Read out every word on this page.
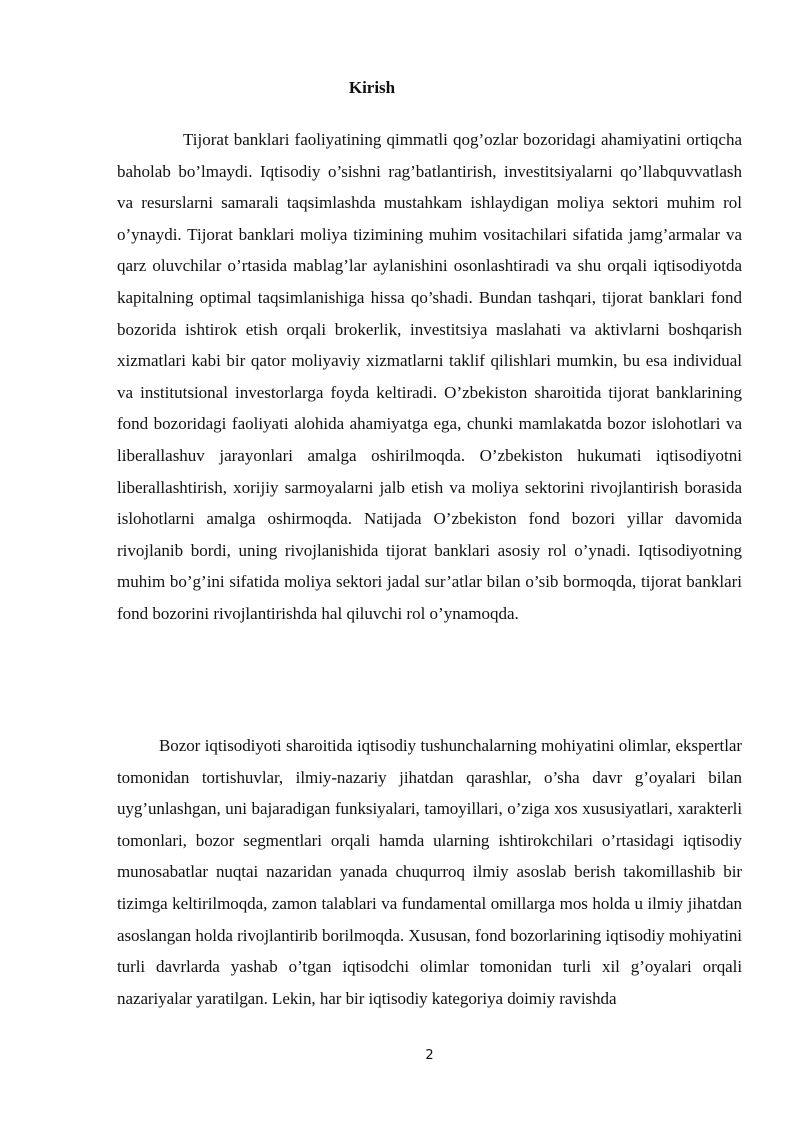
Kirish

Tijorat banklari faoliyatining qimmatli qog’ozlar bozoridagi ahamiyatini ortiqcha baholab bo’lmaydi. Iqtisodiy o’sishni rag’batlantirish, investitsiyalarni qo’llabquvvatlash va resurslarni samarali taqsimlashda mustahkam ishlaydigan moliya sektori muhim rol o’ynaydi. Tijorat banklari moliya tizimining muhim vositachilari sifatida jamg’armalar va qarz oluvchilar o’rtasida mablag’lar aylanishini osonlashtiradi va shu orqali iqtisodiyotda kapitalning optimal taqsimlanishiga hissa qo’shadi. Bundan tashqari, tijorat banklari fond bozorida ishtirok etish orqali brokerlik, investitsiya maslahati va aktivlarni boshqarish xizmatlari kabi bir qator moliyaviy xizmatlarni taklif qilishlari mumkin, bu esa individual va institutsional investorlarga foyda keltiradi. O’zbekiston sharoitida tijorat banklarining fond bozoridagi faoliyati alohida ahamiyatga ega, chunki mamlakatda bozor islohotlari va liberallashuv jarayonlari amalga oshirilmoqda. O’zbekiston hukumati iqtisodiyotni liberallashtirish, xorijiy sarmoyalarni jalb etish va moliya sektorini rivojlantirish borasida islohotlarni amalga oshirmoqda. Natijada O’zbekiston fond bozori yillar davomida rivojlanib bordi, uning rivojlanishida tijorat banklari asosiy rol o’ynadi. Iqtisodiyotning muhim bo’g’ini sifatida moliya sektori jadal sur’atlar bilan o’sib bormoqda, tijorat banklari fond bozorini rivojlantirishda hal qiluvchi rol o’ynamoqda.

Bozor iqtisodiyoti sharoitida iqtisodiy tushunchalarning mohiyatini olimlar, ekspertlar tomonidan tortishuvlar, ilmiy-nazariy jihatdan qarashlar, o’sha davr g’oyalari bilan uyg’unlashgan, uni bajaradigan funksiyalari, tamoyillari, o’ziga xos xususiyatlari, xarakterli tomonlari, bozor segmentlari orqali hamda ularning ishtirokchilari o’rtasidagi iqtisodiy munosabatlar nuqtai nazaridan yanada chuqurroq ilmiy asoslab berish takomillashib bir tizimga keltirilmoqda, zamon talablari va fundamental omillarga mos holda u ilmiy jihatdan asoslangan holda rivojlantirib borilmoqda. Xususan, fond bozorlarining iqtisodiy mohiyatini turli davrlarda yashab o’tgan iqtisodchi olimlar tomonidan turli xil g’oyalari orqali nazariyalar yaratilgan. Lekin, har bir iqtisodiy kategoriya doimiy ravishda

2
